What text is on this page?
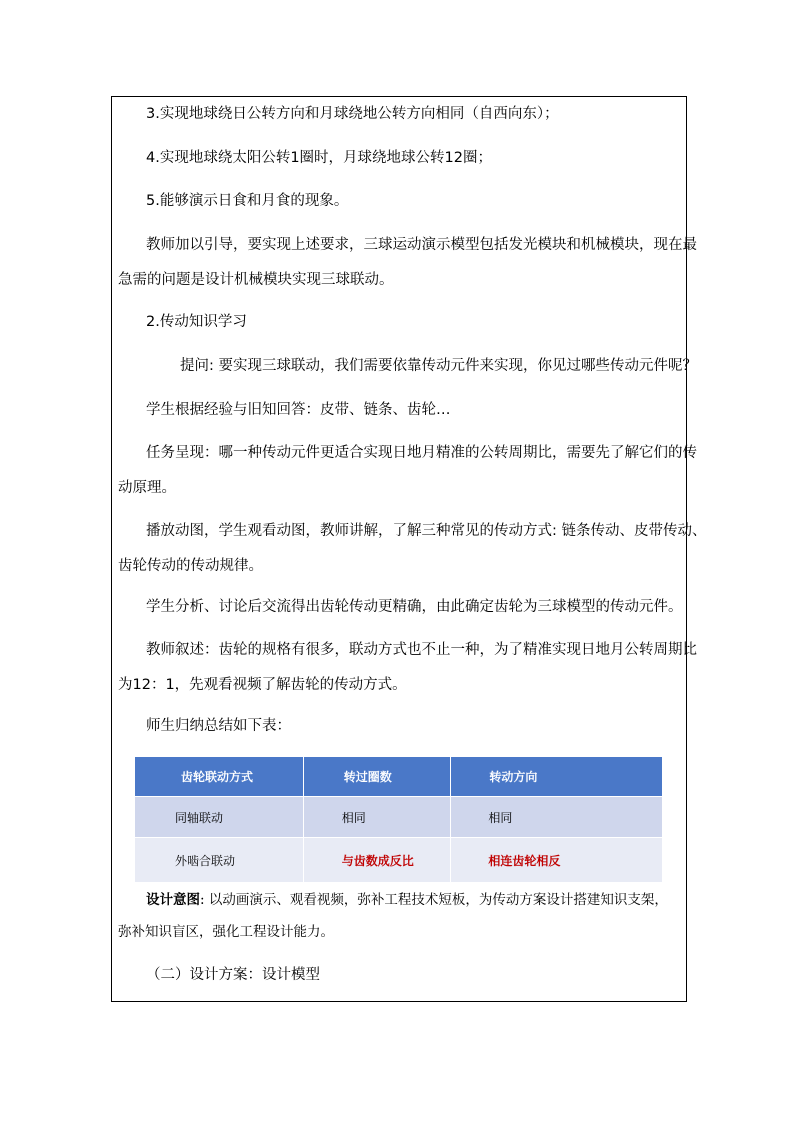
3.实现地球绕日公转方向和月球绕地公转方向相同（自西向东）；
4.实现地球绕太阳公转1圈时，月球绕地球公转12圈；
5.能够演示日食和月食的现象。
教师加以引导，要实现上述要求，三球运动演示模型包括发光模块和机械模块，现在最
急需的问题是设计机械模块实现三球联动。
2.传动知识学习
提问: 要实现三球联动，我们需要依靠传动元件来实现，你见过哪些传动元件呢？
学生根据经验与旧知回答：皮带、链条、齿轮…
任务呈现：哪一种传动元件更适合实现日地月精准的公转周期比，需要先了解它们的传
动原理。
播放动图，学生观看动图，教师讲解，了解三种常见的传动方式: 链条传动、皮带传动、
齿轮传动的传动规律。
学生分析、讨论后交流得出齿轮传动更精确，由此确定齿轮为三球模型的传动元件。
教师叙述：齿轮的规格有很多，联动方式也不止一种，为了精准实现日地月公转周期比
为12：1，先观看视频了解齿轮的传动方式。
师生归纳总结如下表：
齿轮联动方式	转过圈数	转动方向
同轴联动	相同	相同
外啮合联动	与齿数成反比	相连齿轮相反
设计意图: 以动画演示、观看视频，弥补工程技术短板，为传动方案设计搭建知识支架，
弥补知识盲区，强化工程设计能力。
（二）设计方案：设计模型
